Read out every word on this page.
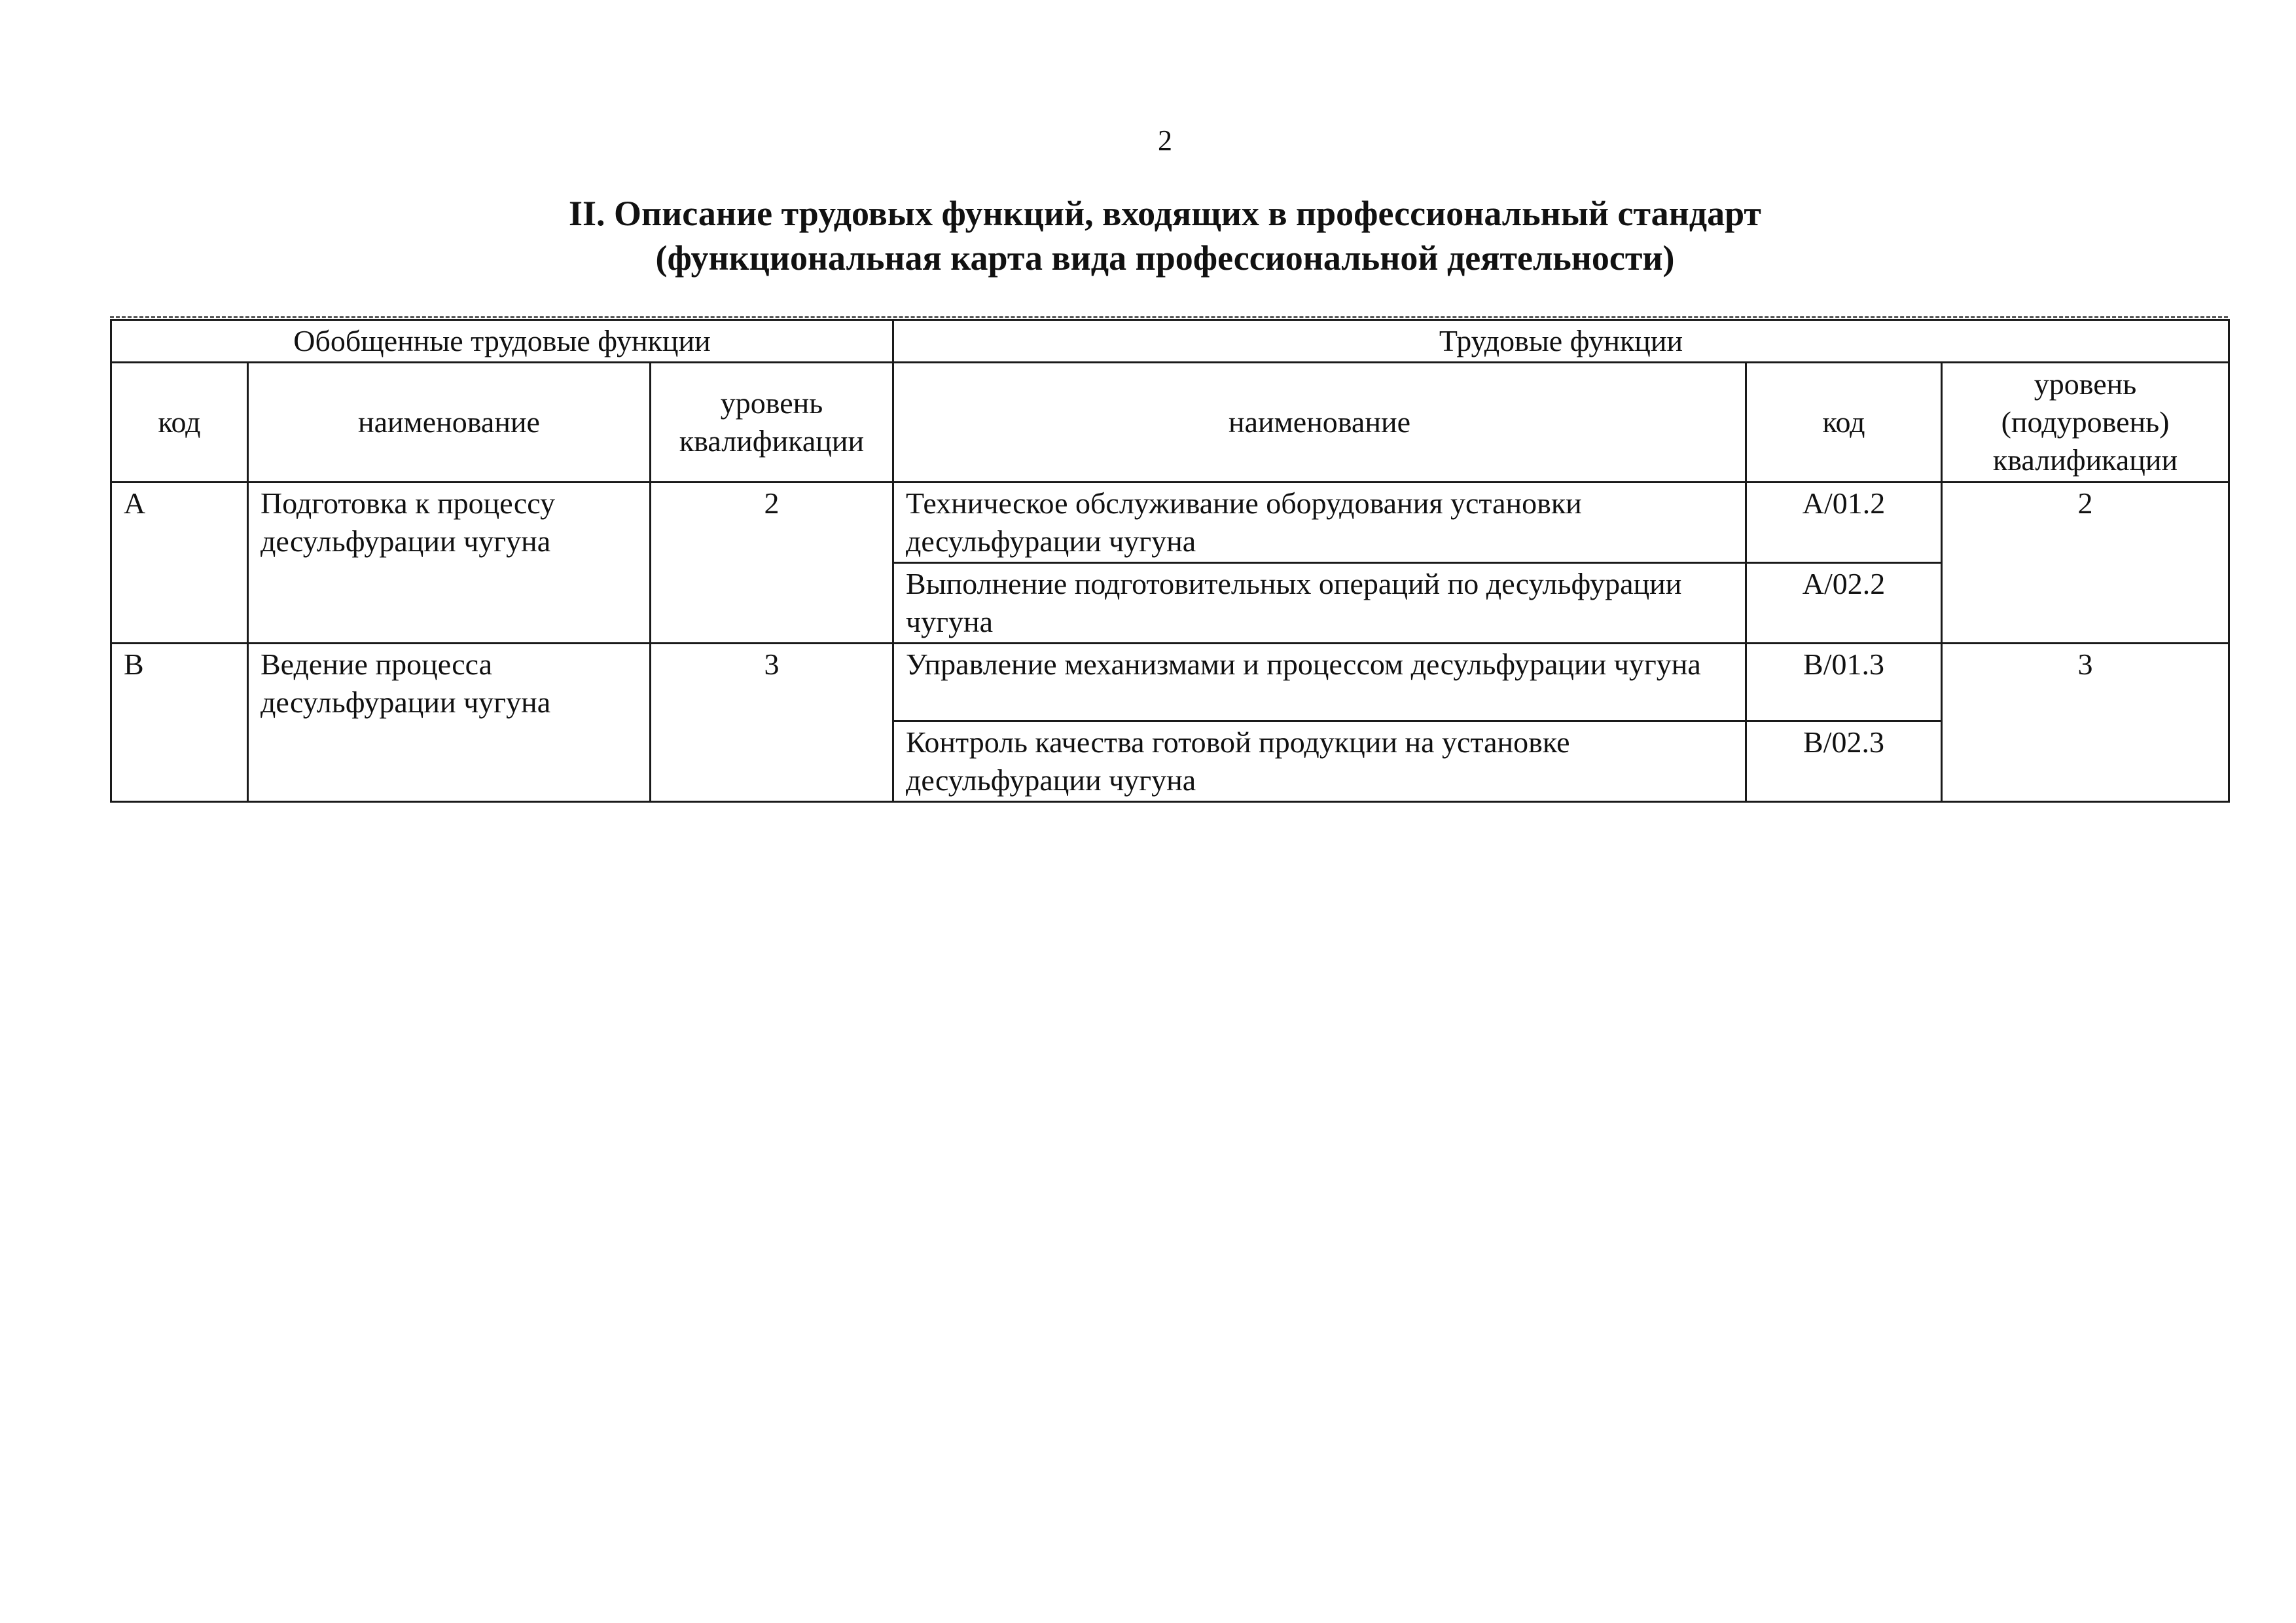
2
II. Описание трудовых функций, входящих в профессиональный стандарт
(функциональная карта вида профессиональной деятельности)
Обобщенные трудовые функции			Трудовые функции		
код	наименование	уровень квалификации	наименование	код	уровень (подуровень) квалификации
A	Подготовка к процессу десульфурации чугуна	2	Техническое обслуживание оборудования установки десульфурации чугуна	A/01.2	2
			Выполнение подготовительных операций по десульфурации чугуна	A/02.2	
B	Ведение процесса десульфурации чугуна	3	Управление механизмами и процессом десульфурации чугуна	B/01.3	3
			Контроль качества готовой продукции на установке десульфурации чугуна	B/02.3	
